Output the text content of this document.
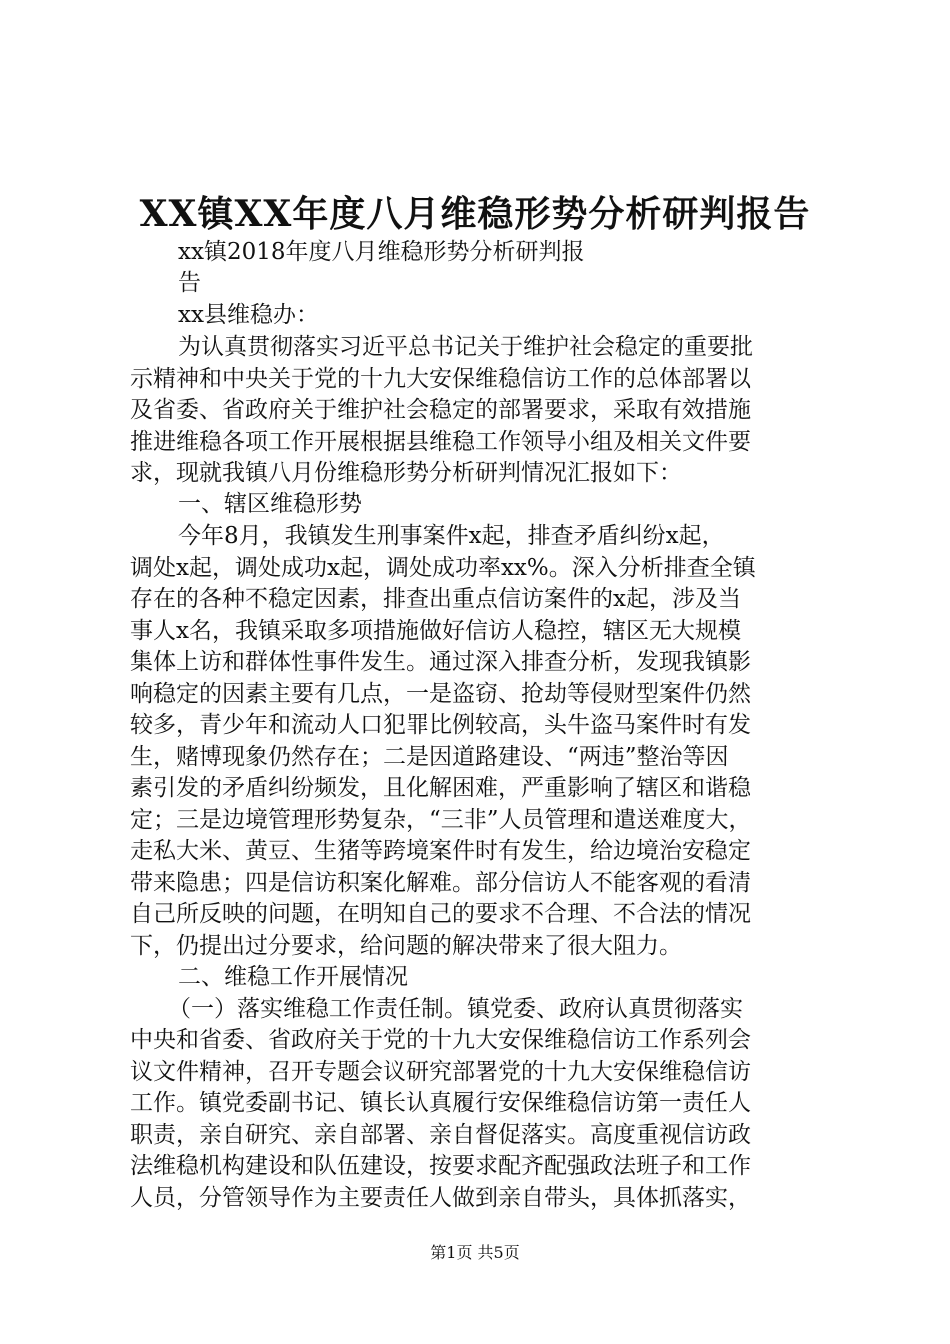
XX镇XX年度八月维稳形势分析研判报告
xx镇2018年度八月维稳形势分析研判报
告
xx县维稳办：
为认真贯彻落实习近平总书记关于维护社会稳定的重要批
示精神和中央关于党的十九大安保维稳信访工作的总体部署以
及省委、省政府关于维护社会稳定的部署要求，采取有效措施
推进维稳各项工作开展根据县维稳工作领导小组及相关文件要
求，现就我镇八月份维稳形势分析研判情况汇报如下：
一、辖区维稳形势
今年8月，我镇发生刑事案件x起，排查矛盾纠纷x起，
调处x起，调处成功x起，调处成功率xx%。深入分析排查全镇
存在的各种不稳定因素，排查出重点信访案件的x起，涉及当
事人x名，我镇采取多项措施做好信访人稳控，辖区无大规模
集体上访和群体性事件发生。通过深入排查分析，发现我镇影
响稳定的因素主要有几点，一是盗窃、抢劫等侵财型案件仍然
较多，青少年和流动人口犯罪比例较高，头牛盗马案件时有发
生，赌博现象仍然存在；二是因道路建设、“两违”整治等因
素引发的矛盾纠纷频发，且化解困难，严重影响了辖区和谐稳
定；三是边境管理形势复杂，“三非”人员管理和遣送难度大，
走私大米、黄豆、生猪等跨境案件时有发生，给边境治安稳定
带来隐患；四是信访积案化解难。部分信访人不能客观的看清
自己所反映的问题，在明知自己的要求不合理、不合法的情况
下，仍提出过分要求，给问题的解决带来了很大阻力。
二、维稳工作开展情况
（一）落实维稳工作责任制。镇党委、政府认真贯彻落实
中央和省委、省政府关于党的十九大安保维稳信访工作系列会
议文件精神，召开专题会议研究部署党的十九大安保维稳信访
工作。镇党委副书记、镇长认真履行安保维稳信访第一责任人
职责，亲自研究、亲自部署、亲自督促落实。高度重视信访政
法维稳机构建设和队伍建设，按要求配齐配强政法班子和工作
人员，分管领导作为主要责任人做到亲自带头，具体抓落实，
第1页 共5页
